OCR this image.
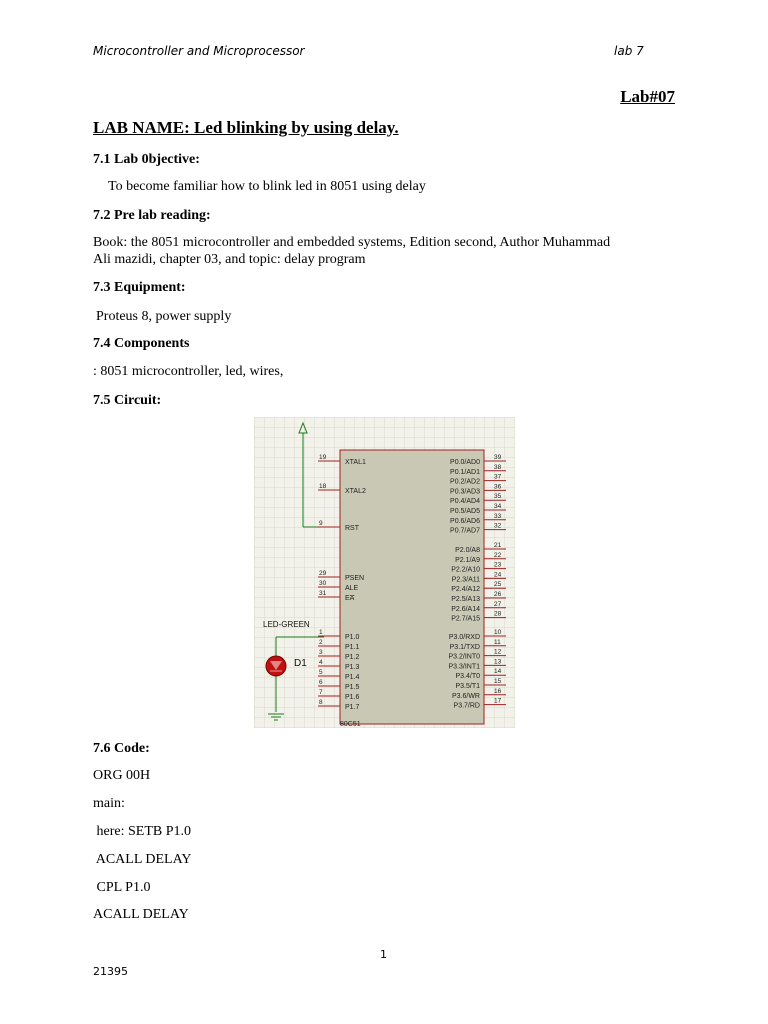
Microcontroller and Microprocessor	lab 7
Lab#07
LAB NAME: Led blinking by using delay.
7.1 Lab 0bjective:
To become familiar how to blink led in 8051 using delay
7.2 Pre lab reading:
Book: the 8051 microcontroller and embedded systems, Edition second, Author Muhammad
Ali mazidi, chapter 03, and topic: delay program
7.3 Equipment:
Proteus 8, power supply
7.4 Components
: 8051 microcontroller, led, wires,
7.5 Circuit:
80C51
19
XTAL1
18
XTAL2
9
RST
29
PSEN
30
ALE
31
EA
1
P1.0
2
P1.1
3
P1.2
4
P1.3
5
P1.4
6
P1.5
7
P1.6
8
P1.7
39
P0.0/AD0
38
P0.1/AD1
37
P0.2/AD2
36
P0.3/AD3
35
P0.4/AD4
34
P0.5/AD5
33
P0.6/AD6
32
P0.7/AD7
21
P2.0/A8
22
P2.1/A9
23
P2.2/A10
24
P2.3/A11
25
P2.4/A12
26
P2.5/A13
27
P2.6/A14
28
P2.7/A15
10
P3.0/RXD
11
P3.1/TXD
12
P3.2/INT0
13
P3.3/INT1
14
P3.4/T0
15
P3.5/T1
16
P3.6/WR
17
P3.7/RD
LED-GREEN
D1
7.6 Code:
ORG 00H
main:
here: SETB P1.0
ACALL DELAY
CPL P1.0
ACALL DELAY
1
21395
